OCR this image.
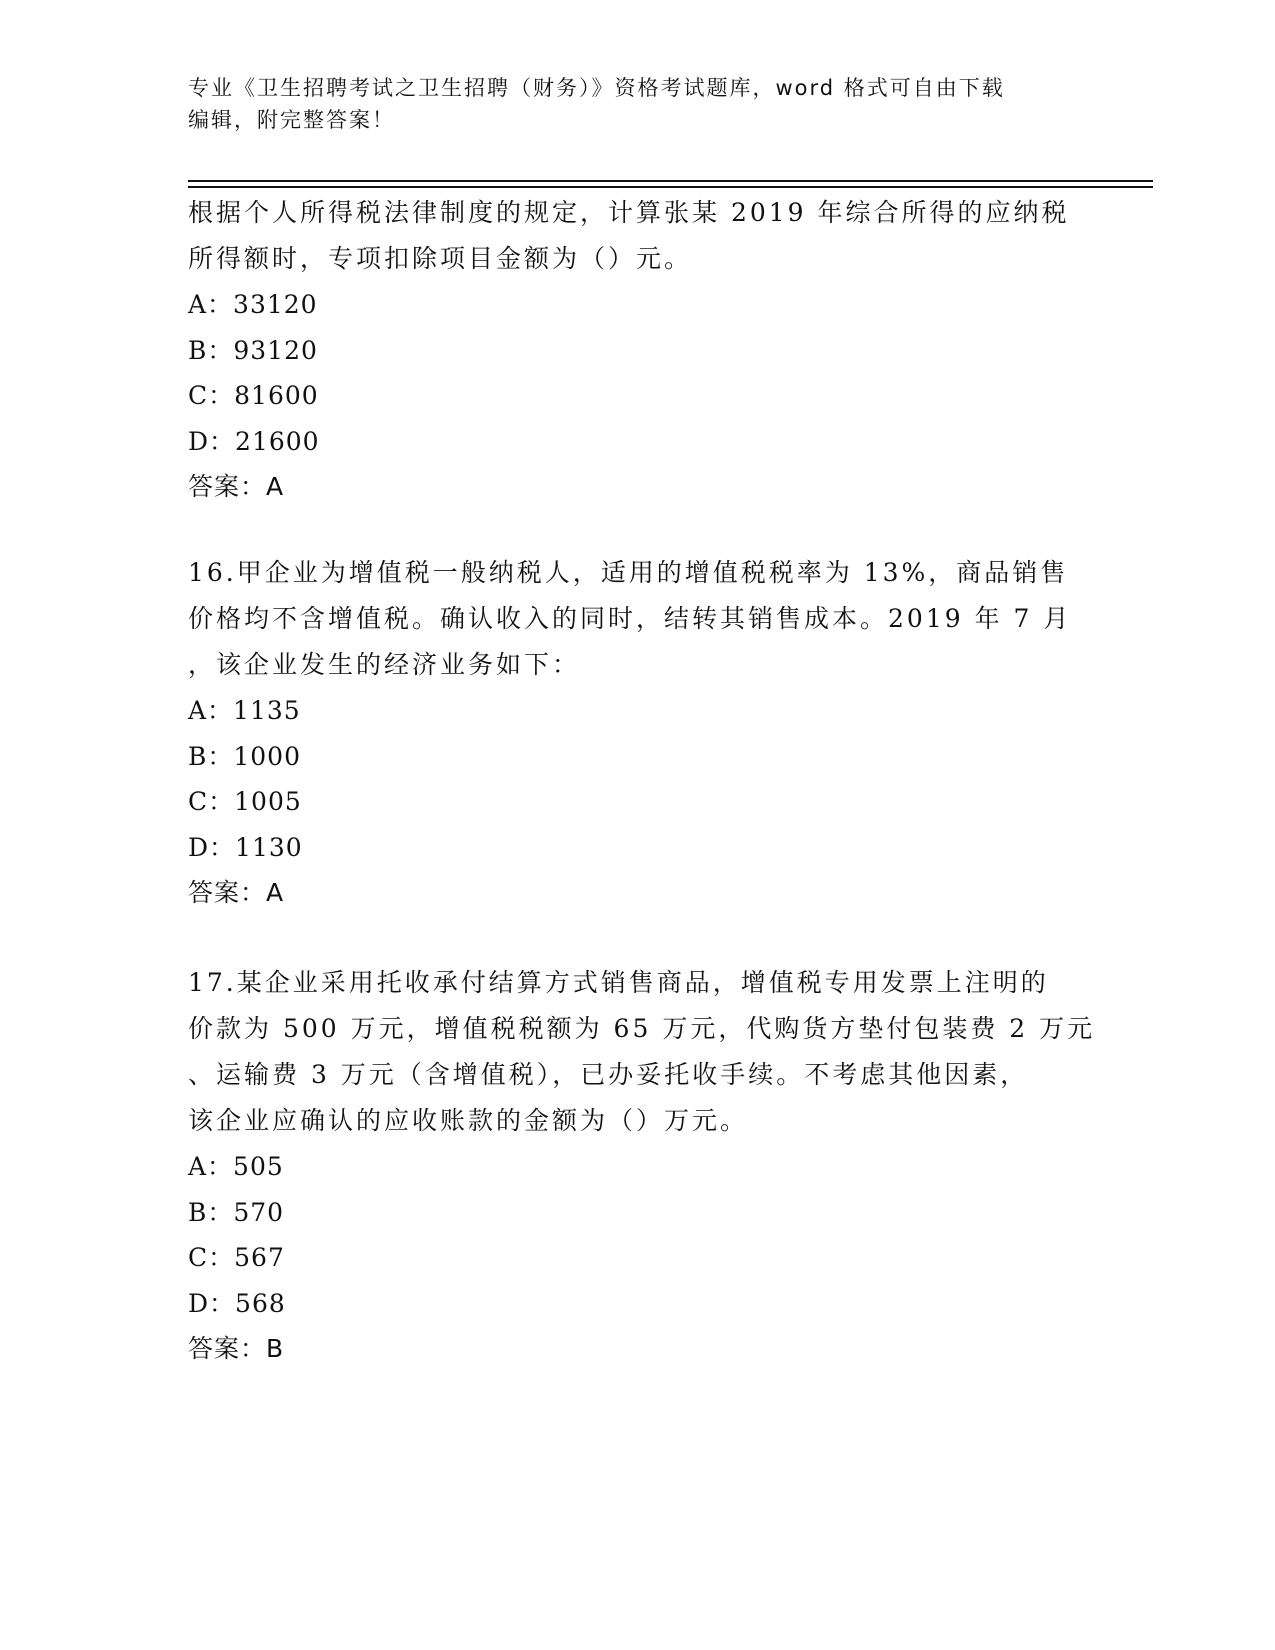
专业《卫生招聘考试之卫生招聘（财务）》资格考试题库，word 格式可自由下载
编辑，附完整答案！
根据个人所得税法律制度的规定，计算张某 2019 年综合所得的应纳税
所得额时，专项扣除项目金额为（）元。
A：33120
B：93120
C：81600
D：21600
答案：A
16.甲企业为增值税一般纳税人，适用的增值税税率为 13%，商品销售
价格均不含增值税。确认收入的同时，结转其销售成本。2019 年 7 月
，该企业发生的经济业务如下：
A：1135
B：1000
C：1005
D：1130
答案：A
17.某企业采用托收承付结算方式销售商品，增值税专用发票上注明的
价款为 500 万元，增值税税额为 65 万元，代购货方垫付包装费 2 万元
、运输费 3 万元（含增值税），已办妥托收手续。不考虑其他因素，
该企业应确认的应收账款的金额为（）万元。
A：505
B：570
C：567
D：568
答案：B
